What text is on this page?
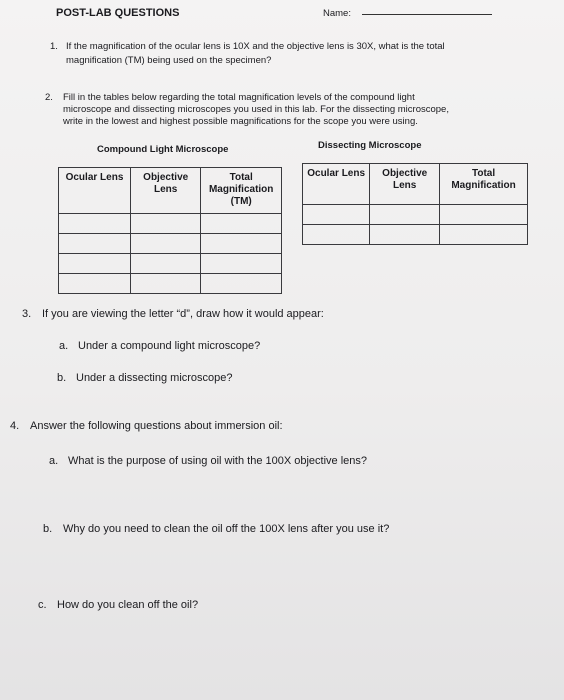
POST-LAB QUESTIONS	Name:
1. If the magnification of the ocular lens is 10X and the objective lens is 30X, what is the total
magnification (TM) being used on the specimen?
2. Fill in the tables below regarding the total magnification levels of the compound light
microscope and dissecting microscopes you used in this lab. For the dissecting microscope,
write in the lowest and highest possible magnifications for the scope you were using.
Compound Light Microscope
Ocular Lens	Objective Lens	Total Magnification (TM)

Dissecting Microscope
Ocular Lens	Objective Lens	Total Magnification

3. If you are viewing the letter “d”, draw how it would appear:
a. Under a compound light microscope?
b. Under a dissecting microscope?
4. Answer the following questions about immersion oil:
a. What is the purpose of using oil with the 100X objective lens?
b. Why do you need to clean the oil off the 100X lens after you use it?
c. How do you clean off the oil?
